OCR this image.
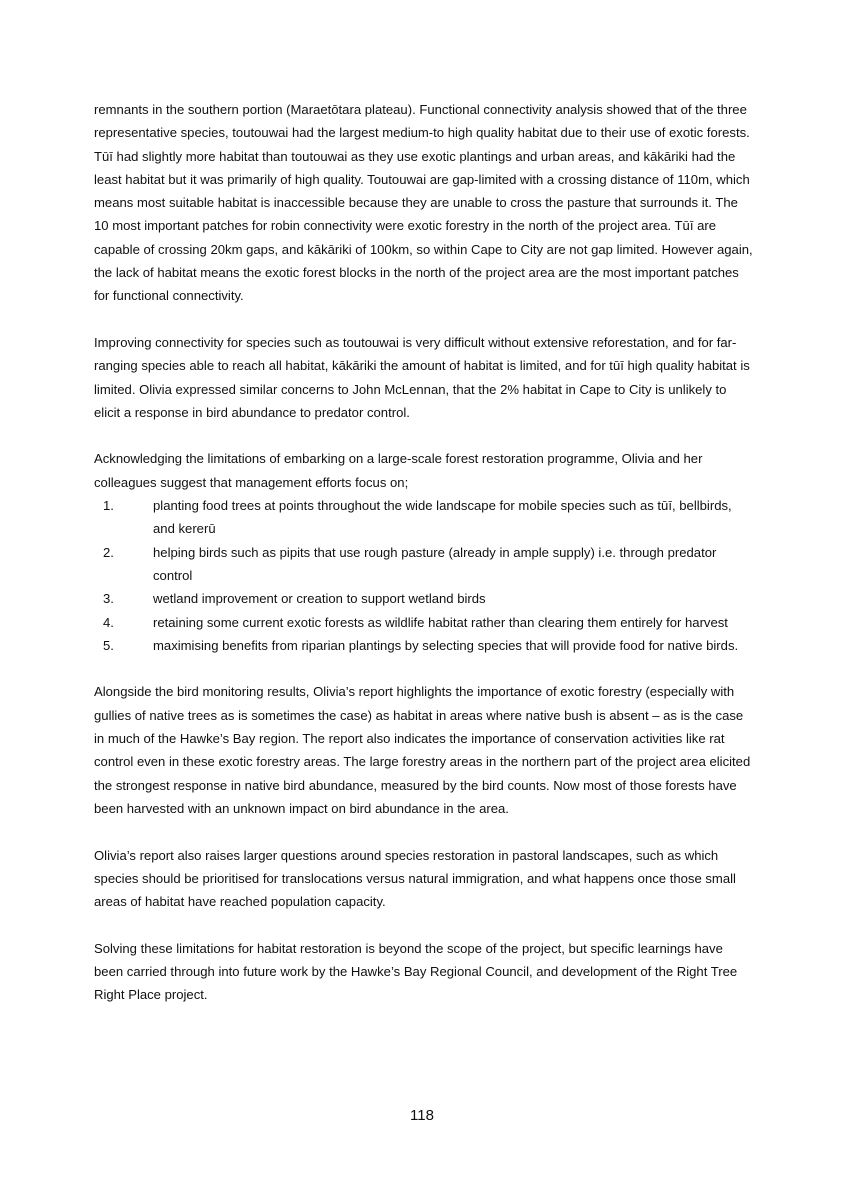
remnants in the southern portion (Maraetōtara plateau). Functional connectivity analysis showed that of the three representative species, toutouwai had the largest medium-to high quality habitat due to their use of exotic forests. Tūī had slightly more habitat than toutouwai as they use exotic plantings and urban areas, and kākāriki had the least habitat but it was primarily of high quality. Toutouwai are gap-limited with a crossing distance of 110m, which means most suitable habitat is inaccessible because they are unable to cross the pasture that surrounds it. The 10 most important patches for robin connectivity were exotic forestry in the north of the project area. Tūī are capable of crossing 20km gaps, and kākāriki of 100km, so within Cape to City are not gap limited. However again, the lack of habitat means the exotic forest blocks in the north of the project area are the most important patches for functional connectivity.

Improving connectivity for species such as toutouwai is very difficult without extensive reforestation, and for far-ranging species able to reach all habitat, kākāriki the amount of habitat is limited, and for tūī high quality habitat is limited. Olivia expressed similar concerns to John McLennan, that the 2% habitat in Cape to City is unlikely to elicit a response in bird abundance to predator control.

Acknowledging the limitations of embarking on a large-scale forest restoration programme, Olivia and her colleagues suggest that management efforts focus on;

1.	planting food trees at points throughout the wide landscape for mobile species such as tūī, bellbirds, and kererū
2.	helping birds such as pipits that use rough pasture (already in ample supply) i.e. through predator control
3.	wetland improvement or creation to support wetland birds
4.	retaining some current exotic forests as wildlife habitat rather than clearing them entirely for harvest
5.	maximising benefits from riparian plantings by selecting species that will provide food for native birds.

Alongside the bird monitoring results, Olivia’s report highlights the importance of exotic forestry (especially with gullies of native trees as is sometimes the case) as habitat in areas where native bush is absent – as is the case in much of the Hawke’s Bay region. The report also indicates the importance of conservation activities like rat control even in these exotic forestry areas. The large forestry areas in the northern part of the project area elicited the strongest response in native bird abundance, measured by the bird counts. Now most of those forests have been harvested with an unknown impact on bird abundance in the area.

Olivia’s report also raises larger questions around species restoration in pastoral landscapes, such as which species should be prioritised for translocations versus natural immigration, and what happens once those small areas of habitat have reached population capacity.

Solving these limitations for habitat restoration is beyond the scope of the project, but specific learnings have been carried through into future work by the Hawke’s Bay Regional Council, and development of the Right Tree Right Place project.

118
